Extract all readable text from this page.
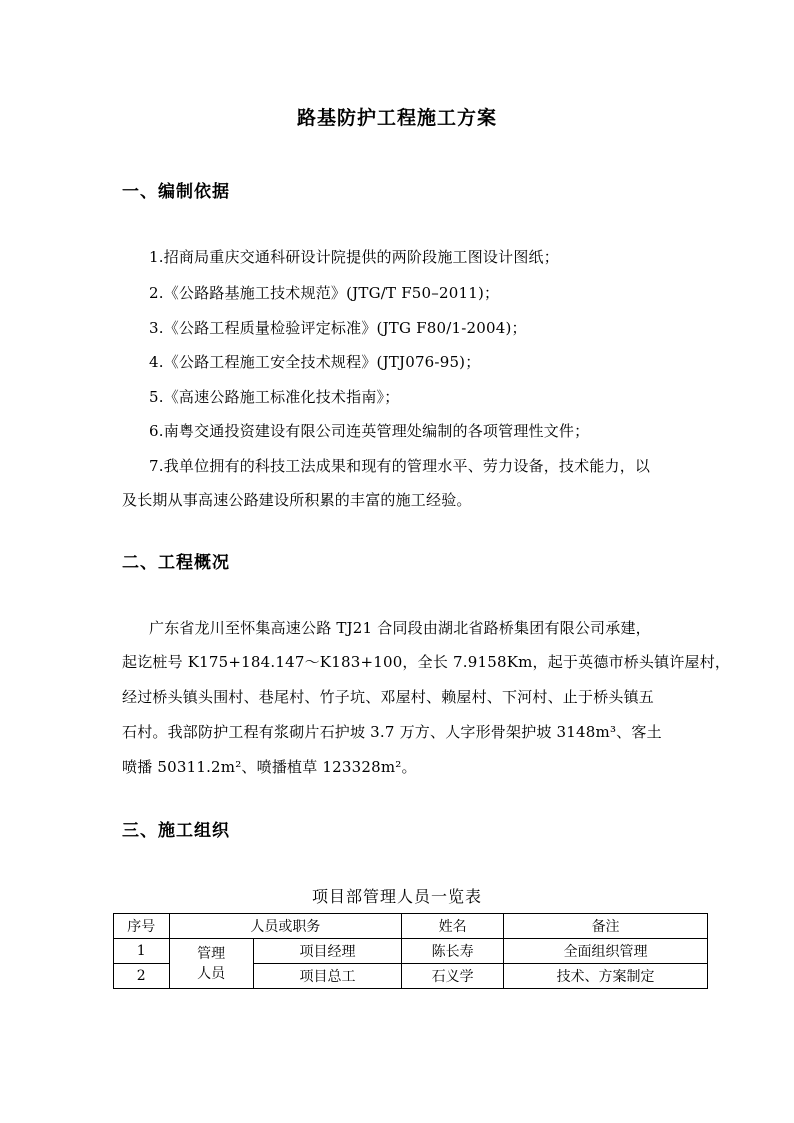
路基防护工程施工方案
一、编制依据
1.招商局重庆交通科研设计院提供的两阶段施工图设计图纸；
2.《公路路基施工技术规范》(JTG/T F50–2011)；
3.《公路工程质量检验评定标准》(JTG F80/1-2004)；
4.《公路工程施工安全技术规程》(JTJ076-95)；
5.《高速公路施工标准化技术指南》；
6.南粤交通投资建设有限公司连英管理处编制的各项管理性文件；
7.我单位拥有的科技工法成果和现有的管理水平、劳力设备，技术能力，以
及长期从事高速公路建设所积累的丰富的施工经验。
二、工程概况
广东省龙川至怀集高速公路 TJ21 合同段由湖北省路桥集团有限公司承建，
起讫桩号 K175+184.147～K183+100，全长 7.9158Km，起于英德市桥头镇许屋村，
经过桥头镇头围村、巷尾村、竹子坑、邓屋村、赖屋村、下河村、止于桥头镇五
石村。我部防护工程有浆砌片石护坡 3.7 万方、人字形骨架护坡 3148m³、客土
喷播 50311.2m²、喷播植草 123328m²。
三、施工组织
项目部管理人员一览表
序号	人员或职务		姓名	备注
1	管理人员	项目经理	陈长寿	全面组织管理
2		项目总工	石义学	技术、方案制定
